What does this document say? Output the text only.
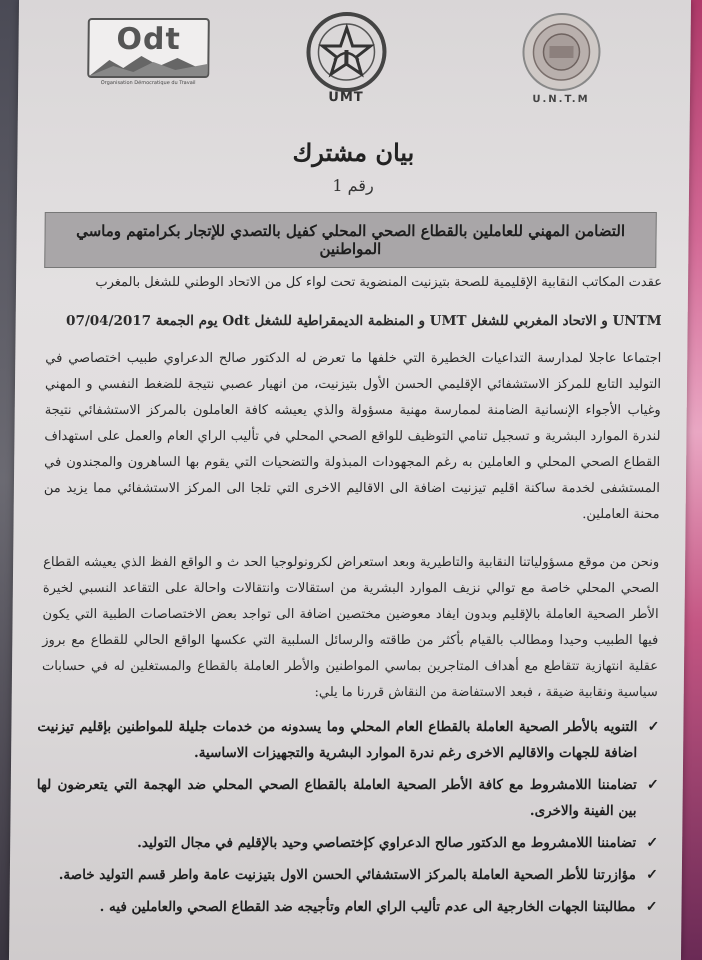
Odt
Organisation Démocratique du Travail
UMT	U.N.T.M
بيان مشترك
رقم 1
التضامن المهني للعاملين بالقطاع الصحي المحلي كفيل بالتصدي للإتجار بكرامتهم وماسي المواطنين
عقدت المكاتب النقابية الإقليمية للصحة بتيزنيت المنضوية تحت لواء كل من الاتحاد الوطني للشغل بالمغرب
UNTM و الاتحاد المغربي للشغل UMT و المنظمة الديمقراطية للشغل Odt يوم الجمعة 07/04/2017
اجتماعا عاجلا لمدارسة التداعيات الخطيرة التي خلفها ما تعرض له الدكتور صالح الدعراوي طبيب اختصاصي في التوليد التابع للمركز الاستشفائي الإقليمي الحسن الأول بتيزنيت، من انهيار عصبي نتيجة للضغط النفسي و المهني وغياب الأجواء الإنسانية الضامنة لممارسة مهنية مسؤولة والذي يعيشه كافة العاملون بالمركز الاستشفائي نتيجة لندرة الموارد البشرية و تسجيل تنامي التوظيف للواقع الصحي المحلي في تأليب الراي العام والعمل على استهداف القطاع الصحي المحلي و العاملين به رغم المجهودات المبذولة والتضحيات التي يقوم بها الساهرون والمجندون في المستشفى لخدمة ساكنة اقليم تيزنيت اضافة الى الاقاليم الاخرى التي تلجا الى المركز الاستشفائي مما يزيد من محنة العاملين.
ونحن من موقع مسؤولياتنا النقابية والتاطيرية وبعد استعراض لكرونولوجيا الحد ث و الواقع الفظ الذي يعيشه القطاع الصحي المحلي خاصة مع توالي نزيف الموارد البشرية من استقالات وانتقالات واحالة على التقاعد النسبي لخيرة الأطر الصحية العاملة بالإقليم وبدون ايفاد معوضين مختصين اضافة الى تواجد بعض الاختصاصات الطبية التي يكون فيها الطبيب وحيدا ومطالب بالقيام بأكثر من طاقته والرسائل السلبية التي عكسها الواقع الحالي للقطاع مع بروز عقلية انتهازية تتقاطع مع أهداف المتاجرين بماسي المواطنين والأطر العاملة بالقطاع والمستغلين له في حسابات سياسية ونقابية ضيقة ، فبعد الاستفاضة من النقاش قررنا ما يلي:
✓
التنويه بالأطر الصحية العاملة بالقطاع العام المحلي وما يسدونه من خدمات جليلة للمواطنين بإقليم تيزنيت اضافة للجهات والاقاليم الاخرى رغم ندرة الموارد البشرية والتجهيزات الاساسية.
✓
تضامننا اللامشروط مع كافة الأطر الصحية العاملة بالقطاع الصحي المحلي ضد الهجمة التي يتعرضون لها بين الفينة والاخرى.
✓
تضامننا اللامشروط مع الدكتور صالح الدعراوي كإختصاصي وحيد بالإقليم في مجال التوليد.
✓
مؤازرتنا للأطر الصحية العاملة بالمركز الاستشفائي الحسن الاول بتيزنيت عامة واطر قسم التوليد خاصة.
✓
مطالبتنا الجهات الخارجية الى عدم تأليب الراي العام وتأجيجه ضد القطاع الصحي والعاملين فيه .
